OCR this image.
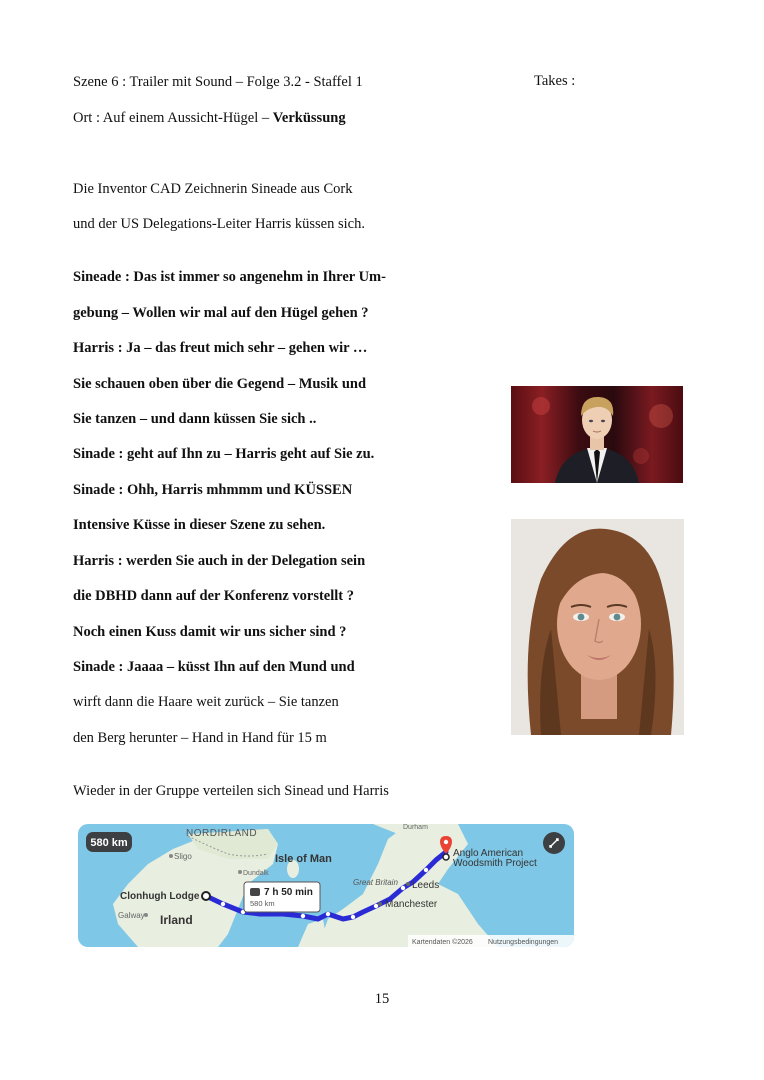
Szene 6 : Trailer mit Sound – Folge 3.2 - Staffel 1	Takes :
Ort : Auf einem Aussicht-Hügel – Verküssung
Die Inventor CAD Zeichnerin Sineade aus Cork
und der US Delegations-Leiter Harris küssen sich.
Sineade : Das ist immer so angenehm in Ihrer Um-
gebung – Wollen wir mal auf den Hügel gehen ?
Harris : Ja – das freut mich sehr – gehen wir …
Sie schauen oben über die Gegend – Musik und
Sie tanzen – und dann küssen Sie sich ..
Sinade : geht auf Ihn zu – Harris geht auf Sie zu.
Sinade : Ohh, Harris mhmmm und KÜSSEN
Intensive Küsse in dieser Szene zu sehen.
Harris : werden Sie auch in der Delegation sein
die DBHD dann auf der Konferenz vorstellt ?
Noch einen Kuss damit wir uns sicher sind ?
Sinade : Jaaaa – küsst Ihn auf den Mund und
wirft dann die Haare weit zurück – Sie tanzen
den Berg herunter – Hand in Hand für 15 m
Wieder in der Gruppe verteilen sich Sinead und Harris
580 km
NORDIRLAND
Durham
Sligo
Dundalk
Isle of Man
Great Britain Leeds
Manchester
Galway Irland
Clonhugh Lodge
Anglo American
Woodsmith Project
7 h 50 min
580 km
Kartendaten ©2026 Nutzungsbedingungen
15
